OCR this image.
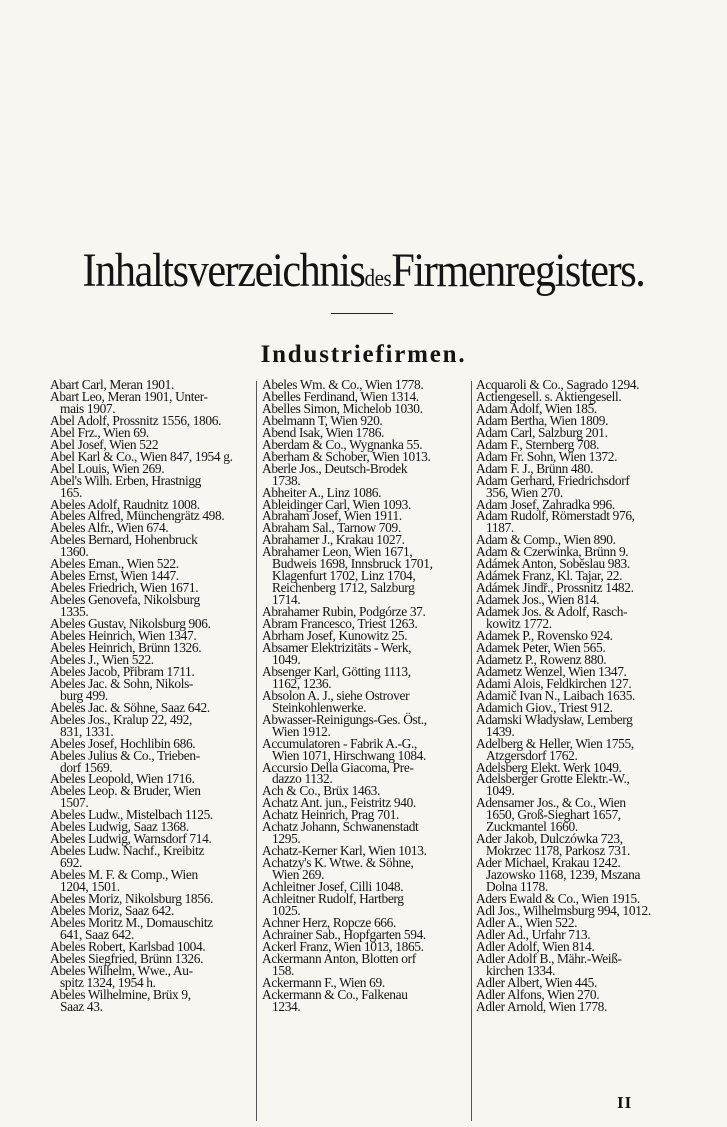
InhaltsverzeichnisdesFirmenregisters.
Industriefirmen.
Abart Carl, Meran 1901.
Abart Leo, Meran 1901, Unter-
mais 1907.
Abel Adolf, Prossnitz 1556, 1806.
Abel Frz., Wien 69.
Abel Josef, Wien 522
Abel Karl & Co., Wien 847, 1954 g.
Abel Louis, Wien 269.
Abel's Wilh. Erben, Hrastnigg
165.
Abeles Adolf, Raudnitz 1008.
Abeles Alfred, Münchengrätz 498.
Abeles Alfr., Wien 674.
Abeles Bernard, Hohenbruck
1360.
Abeles Eman., Wien 522.
Abeles Ernst, Wien 1447.
Abeles Friedrich, Wien 1671.
Abeles Genovefa, Nikolsburg
1335.
Abeles Gustav, Nikolsburg 906.
Abeles Heinrich, Wien 1347.
Abeles Heinrich, Brünn 1326.
Abeles J., Wien 522.
Abeles Jacob, Přibram 1711.
Abeles Jac. & Sohn, Nikols-
burg 499.
Abeles Jac. & Söhne, Saaz 642.
Abeles Jos., Kralup 22, 492,
831, 1331.
Abeles Josef, Hochlibin 686.
Abeles Julius & Co., Trieben-
dorf 1569.
Abeles Leopold, Wien 1716.
Abeles Leop. & Bruder, Wien
1507.
Abeles Ludw., Mistelbach 1125.
Abeles Ludwig, Saaz 1368.
Abeles Ludwig, Warnsdorf 714.
Abeles Ludw. Nachf., Kreibitz
692.
Abeles M. F. & Comp., Wien
1204, 1501.
Abeles Moriz, Nikolsburg 1856.
Abeles Moriz, Saaz 642.
Abeles Moritz M., Domauschitz
641, Saaz 642.
Abeles Robert, Karlsbad 1004.
Abeles Siegfried, Brünn 1326.
Abeles Wilhelm, Wwe., Au-
spitz 1324, 1954 h.
Abeles Wilhelmine, Brüx 9,
Saaz 43.
Abeles Wm. & Co., Wien 1778.
Abelles Ferdinand, Wien 1314.
Abelles Simon, Michelob 1030.
Abelmann T, Wien 920.
Abend Isak, Wien 1786.
Aberdam & Co., Wygnanka 55.
Aberham & Schober, Wien 1013.
Aberle Jos., Deutsch-Brodek
1738.
Abheiter A., Linz 1086.
Ableidinger Carl, Wien 1093.
Abraham Josef, Wien 1911.
Abraham Sal., Tarnow 709.
Abrahamer J., Krakau 1027.
Abrahamer Leon, Wien 1671,
Budweis 1698, Innsbruck 1701,
Klagenfurt 1702, Linz 1704,
Reichenberg 1712, Salzburg
1714.
Abrahamer Rubin, Podgórze 37.
Abram Francesco, Triest 1263.
Abrham Josef, Kunowitz 25.
Absamer Elektrizitäts - Werk,
1049.
Absenger Karl, Götting 1113,
1162, 1236.
Absolon A. J., siehe Ostrover
Steinkohlenwerke.
Abwasser-Reinigungs-Ges. Öst.,
Wien 1912.
Accumulatoren - Fabrik A.-G.,
Wien 1071, Hirschwang 1084.
Accursio Della Giacoma, Pre-
dazzo 1132.
Ach & Co., Brüx 1463.
Achatz Ant. jun., Feistritz 940.
Achatz Heinrich, Prag 701.
Achatz Johann, Schwanenstadt
1295.
Achatz-Kerner Karl, Wien 1013.
Achatzy's K. Wtwe. & Söhne,
Wien 269.
Achleitner Josef, Cilli 1048.
Achleitner Rudolf, Hartberg
1025.
Achner Herz, Ropcze 666.
Achrainer Sab., Hopfgarten 594.
Ackerl Franz, Wien 1013, 1865.
Ackermann Anton, Blotten orf
158.
Ackermann F., Wien 69.
Ackermann & Co., Falkenau
1234.
Acquaroli & Co., Sagrado 1294.
Actiengesell. s. Aktiengesell.
Adam Adolf, Wien 185.
Adam Bertha, Wien 1809.
Adam Carl, Salzburg 201.
Adam F., Sternberg 708.
Adam Fr. Sohn, Wien 1372.
Adam F. J., Brünn 480.
Adam Gerhard, Friedrichsdorf
356, Wien 270.
Adam Josef, Zahradka 996.
Adam Rudolf, Römerstadt 976,
1187.
Adam & Comp., Wien 890.
Adam & Czerwinka, Brünn 9.
Adámek Anton, Soběslau 983.
Adámek Franz, Kl. Tajar, 22.
Adámek Jindř., Prossnitz 1482.
Adamek Jos., Wien 814.
Adamek Jos. & Adolf, Rasch-
kowitz 1772.
Adamek P., Rovensko 924.
Adamek Peter, Wien 565.
Adametz P., Rowenz 880.
Adametz Wenzel, Wien 1347.
Adami Alois, Feldkirchen 127.
Adamič Ivan N., Laibach 1635.
Adamich Giov., Triest 912.
Adamski Władysław, Lemberg
1439.
Adelberg & Heller, Wien 1755,
Atzgersdorf 1762.
Adelsberg Elekt. Werk 1049.
Adelsberger Grotte Elektr.-W.,
1049.
Adensamer Jos., & Co., Wien
1650, Groß-Sieghart 1657,
Zuckmantel 1660.
Ader Jakob, Dulczówka 723,
Mokrzec 1178, Parkosz 731.
Ader Michael, Krakau 1242.
Jazowsko 1168, 1239, Mszana
Dolna 1178.
Aders Ewald & Co., Wien 1915.
Adl Jos., Wilhelmsburg 994, 1012.
Adler A., Wien 522.
Adler Ad., Urfahr 713.
Adler Adolf, Wien 814.
Adler Adolf B., Mähr.-Weiß-
kirchen 1334.
Adler Albert, Wien 445.
Adler Alfons, Wien 270.
Adler Arnold, Wien 1778.
II
